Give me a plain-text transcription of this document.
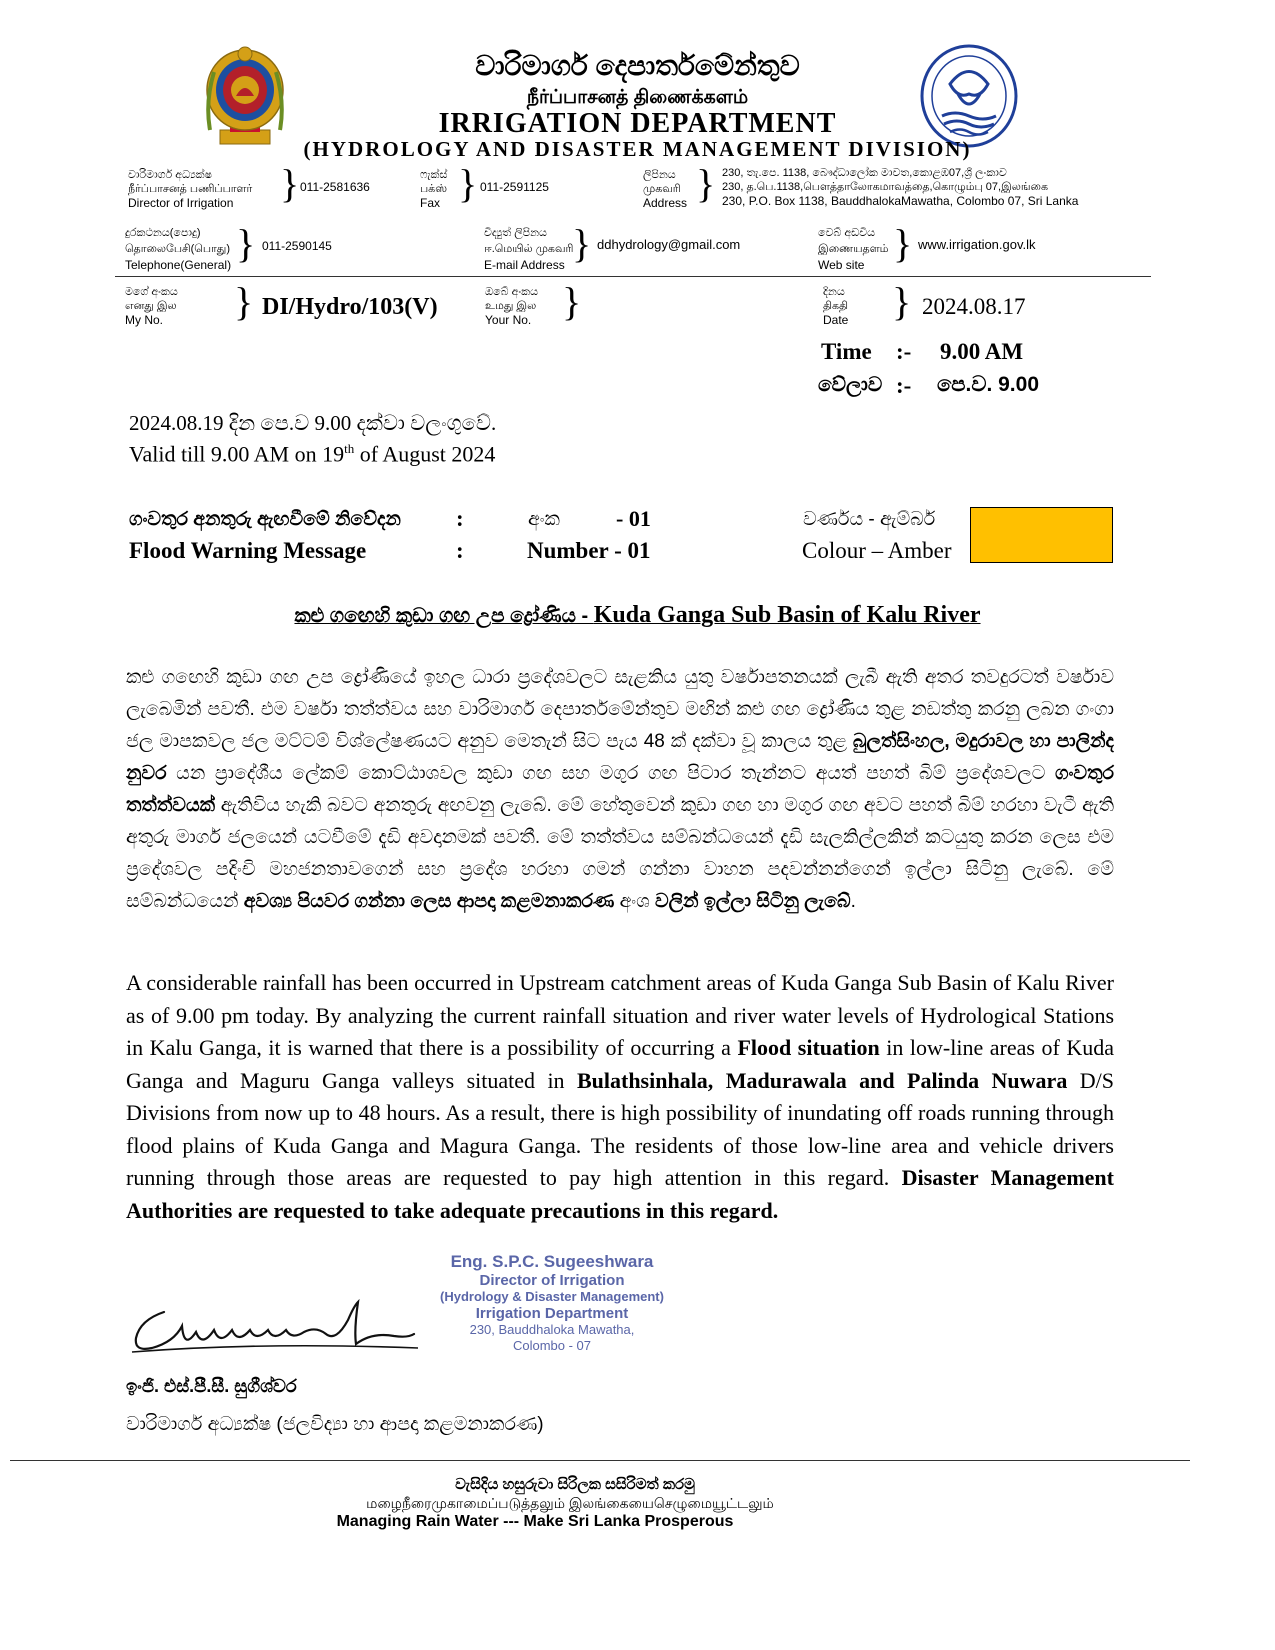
වාරිමාර්ග දෙපාර්තමේන්තුව
நீர்ப்பாசனத் திணைக்களம்
IRRIGATION DEPARTMENT
(HYDROLOGY AND DISASTER MANAGEMENT DIVISION)
වාරිමාර්ග අධ්‍යක්ෂ
நீர்ப்பாசனத் பணிப்பாளர்
Director of Irrigation	} 011-2581636
ෆැක්ස්
பக்ஸ்
Fax } 011-2591125
ලිපිනය
முகவரி
Address } 230, තැ.පෙ. 1138, බෞද්ධාලෝක මාවත,කොළඹ07,ශ්‍රී ලංකාව
230, த.பெ.1138,பௌத்தாலோகமாவத்தை,கொழும்பு 07,இலங்கை
230, P.O. Box 1138, BauddhalokaMawatha, Colombo 07, Sri Lanka
දුරකථනය(පොදු)
தொலைபேசி(பொது)
Telephone(General) } 011-2590145
විද්‍යුත් ලිපිනය
ஈ.மெயில் முகவரி
E-mail Address } ddhydrology@gmail.com
වෙබ් අඩවිය
இணையதளம்
Web site } www.irrigation.gov.lk
මගේ අංකය
எனது இல
My No.	} DI/Hydro/103(V)
ඔබේ අංකය
உமது இல
Your No. }	දිනය
திகதி
Date	} 2024.08.17
Time :- 9.00 AM
වේලාව :- පෙ.ව. 9.00
2024.08.19 දින පෙ.ව 9.00 දක්වා වලංගුවේ.
Valid till 9.00 AM on 19th of August 2024
ගංවතුර අනතුරු ඇඟවීමේ නිවේදන :	අංක	- 01	වර්ණය - ඇම්බර්
Flood Warning Message	:	Number - 01	Colour – Amber
කළු ගඟෙහි කුඩා ගඟ උප ද්‍රෝණිය - Kuda Ganga Sub Basin of Kalu River
කළු ගඟෙහි කුඩා ගඟ උප ද්‍රෝණියේ ඉහල ධාරා ප්‍රදේශවලට සැළකිය යුතු වර්ෂාපතනයක් ලැබී ඇති අතර තවදුරටත් වර්ෂාව ලැබෙමින් පවතී. එම වර්ෂා තත්ත්වය සහ වාරිමාර්ග දෙපාර්තමේන්තුව මඟින් කළු ගඟ ද්‍රෝණිය තුළ නඩත්තු කරනු ලබන ගංගා ජල මාපකවල ජල මට්ටම් විශ්ලේෂණයට අනුව මෙතැන් සිට පැය 48 ක් දක්වා වූ කාලය තුළ බුලත්සිංහල, මදුරාවල හා පාලින්ද නුවර යන ප්‍රාදේශීය ලේකම් කොට්ඨාශවල කුඩා ගඟ සහ මගුර ගඟ පිටාර තැන්නට අයත් පහත් බිම් ප්‍රදේශවලට ගංවතුර තත්ත්වයක් ඇතිවිය හැකි බවට අනතුරු අඟවනු ලැබේ. මේ හේතුවෙන් කුඩා ගඟ හා මගුර ගඟ අවට පහත් බිම් හරහා වැටී ඇති අතුරු මාර්ග ජලයෙන් යටවීමේ දැඩි අවදානමක් පවතී. මේ තත්ත්වය සම්බන්ධයෙන් දැඩි සැලකිල්ලකින් කටයුතු කරන ලෙස එම ප්‍රදේශවල පදිංචි මහජනතාවගෙන් සහ ප්‍රදේශ හරහා ගමන් ගන්නා වාහන පදවන්නන්ගෙන් ඉල්ලා සිටිනු ලැබේ. මේ සම්බන්ධයෙන් අවශ්‍ය පියවර ගන්නා ලෙස ආපදා කළමනාකරණ අංශ වලින් ඉල්ලා සිටිනු ලැබේ.
A considerable rainfall has been occurred in Upstream catchment areas of Kuda Ganga Sub Basin of Kalu River as of 9.00 pm today. By analyzing the current rainfall situation and river water levels of Hydrological Stations in Kalu Ganga, it is warned that there is a possibility of occurring a Flood situation in low-line areas of Kuda Ganga and Maguru Ganga valleys situated in Bulathsinhala, Madurawala and Palinda Nuwara D/S Divisions from now up to 48 hours. As a result, there is high possibility of inundating off roads running through flood plains of Kuda Ganga and Magura Ganga. The residents of those low-line area and vehicle drivers running through those areas are requested to pay high attention in this regard. Disaster Management Authorities are requested to take adequate precautions in this regard.
Eng. S.P.C. Sugeeshwara
Director of Irrigation
(Hydrology & Disaster Management)
Irrigation Department
230, Bauddhaloka Mawatha,
Colombo - 07
ඉංජි. එස්.පී.සී. සුගීශ්වර
වාරිමාර්ග අධ්‍යක්ෂ (ජලවිද්‍යා හා ආපදා කළමනාකරණ)
වැසිදිය හසුරුවා සිරිලක සසිරිමත් කරමු
மழைநீரைமுகாமைப்படுத்தலும் இலங்கையைசெழுமையூட்டலும்
Managing Rain Water --- Make Sri Lanka Prosperous
